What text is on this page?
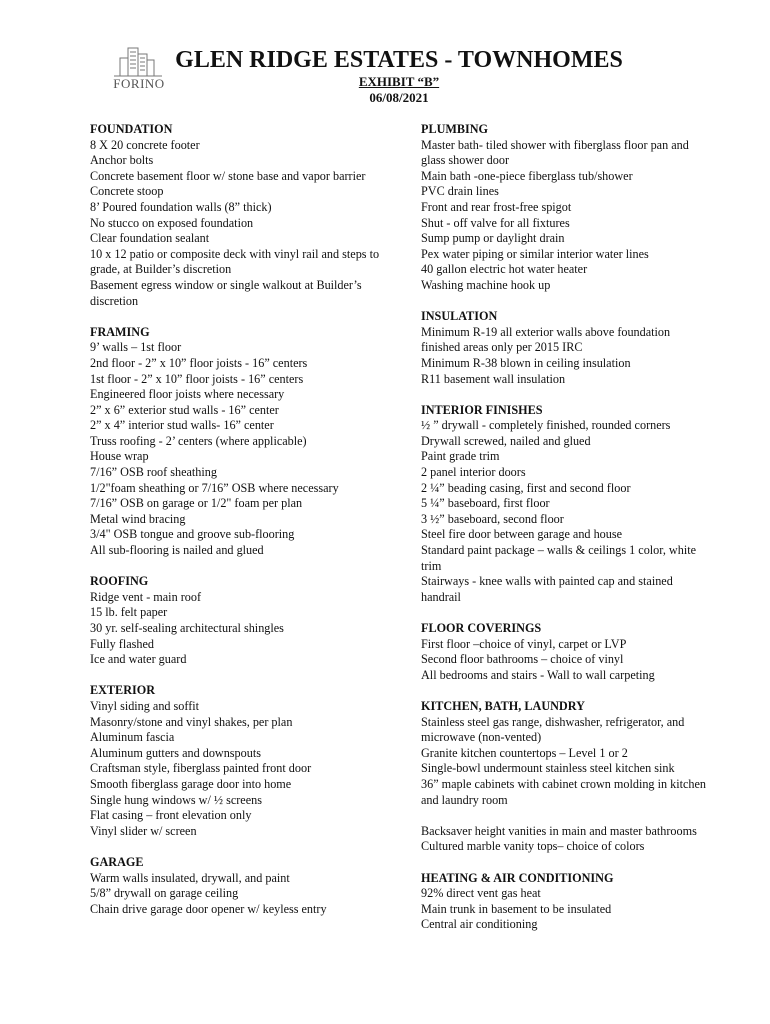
FORINO
GLEN RIDGE ESTATES - TOWNHOMES
EXHIBIT “B”
06/08/2021
FOUNDATION
8 X 20 concrete footer
Anchor bolts
Concrete basement floor w/ stone base and vapor barrier
Concrete stoop
8’ Poured foundation walls (8” thick)
No stucco on exposed foundation
Clear foundation sealant
10 x 12 patio or composite deck with vinyl rail and steps to grade, at Builder’s discretion
Basement egress window or single walkout at Builder’s discretion
FRAMING
9’ walls – 1st floor
2nd floor - 2” x 10” floor joists - 16” centers
1st floor - 2” x 10” floor joists - 16” centers
Engineered floor joists where necessary
2” x 6” exterior stud walls - 16” center
2” x 4” interior stud walls- 16” center
Truss roofing - 2’ centers (where applicable)
House wrap
7/16” OSB roof sheathing
1/2"foam sheathing or 7/16” OSB where necessary
7/16” OSB on garage or 1/2" foam per plan
Metal wind bracing
3/4" OSB tongue and groove sub-flooring
All sub-flooring is nailed and glued
ROOFING
Ridge vent - main roof
15 lb. felt paper
30 yr. self-sealing architectural shingles
Fully flashed
Ice and water guard
EXTERIOR
Vinyl siding and soffit
Masonry/stone and vinyl shakes, per plan
Aluminum fascia
Aluminum gutters and downspouts
Craftsman style, fiberglass painted front door
Smooth fiberglass garage door into home
Single hung windows w/ ½ screens
Flat casing – front elevation only
Vinyl slider w/ screen
GARAGE
Warm walls insulated, drywall, and paint
5/8” drywall on garage ceiling
Chain drive garage door opener w/ keyless entry
PLUMBING
Master bath- tiled shower with fiberglass floor pan and glass shower door
Main bath -one-piece fiberglass tub/shower
PVC drain lines
Front and rear frost-free spigot
Shut - off valve for all fixtures
Sump pump or daylight drain
Pex water piping or similar interior water lines
40 gallon electric hot water heater
Washing machine hook up
INSULATION
Minimum R-19 all exterior walls above foundation finished areas only per 2015 IRC
Minimum R-38 blown in ceiling insulation
R11 basement wall insulation
INTERIOR FINISHES
½ ” drywall - completely finished, rounded corners
Drywall screwed, nailed and glued
Paint grade trim
2 panel interior doors
2 ¼” beading casing, first and second floor
5 ¼” baseboard, first floor
3 ½” baseboard, second floor
Steel fire door between garage and house
Standard paint package – walls & ceilings 1 color, white trim
Stairways - knee walls with painted cap and stained handrail
FLOOR COVERINGS
First floor –choice of vinyl, carpet or LVP
Second floor bathrooms – choice of vinyl
All bedrooms and stairs - Wall to wall carpeting
KITCHEN, BATH, LAUNDRY
Stainless steel gas range, dishwasher, refrigerator, and microwave (non-vented)
Granite kitchen countertops – Level 1 or 2
Single-bowl undermount stainless steel kitchen sink
36” maple cabinets with cabinet crown molding in kitchen and laundry room
Backsaver height vanities in main and master bathrooms
Cultured marble vanity tops– choice of colors
HEATING & AIR CONDITIONING
92% direct vent gas heat
Main trunk in basement to be insulated
Central air conditioning
